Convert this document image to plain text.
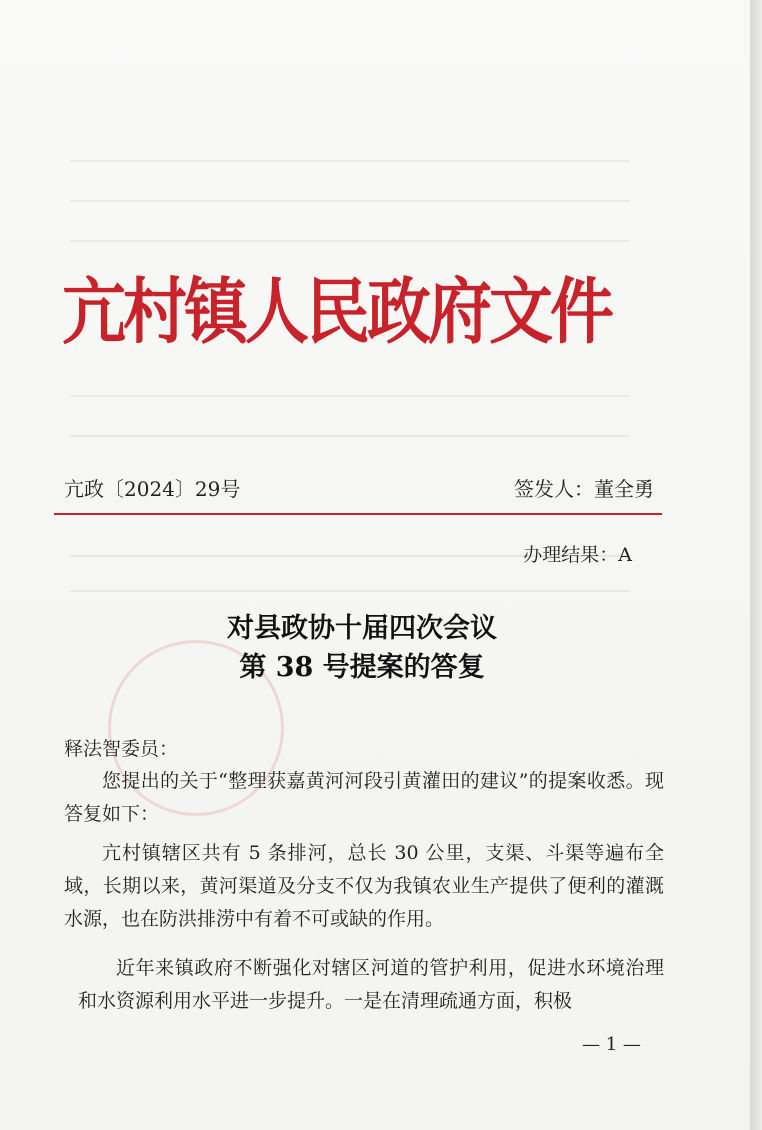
亢村镇人民政府文件
亢政〔2024〕29号	签发人：董全勇
办理结果：A
对县政协十届四次会议
第 38 号提案的答复
释法智委员：
您提出的关于“整理获嘉黄河河段引黄灌田的建议”的提案收悉。现答复如下：
亢村镇辖区共有 5 条排河，总长 30 公里，支渠、斗渠等遍布全域，长期以来，黄河渠道及分支不仅为我镇农业生产提供了便利的灌溉水源，也在防洪排涝中有着不可或缺的作用。
近年来镇政府不断强化对辖区河道的管护利用，促进水环境治理和水资源利用水平进一步提升。一是在清理疏通方面，积极
— 1 —
